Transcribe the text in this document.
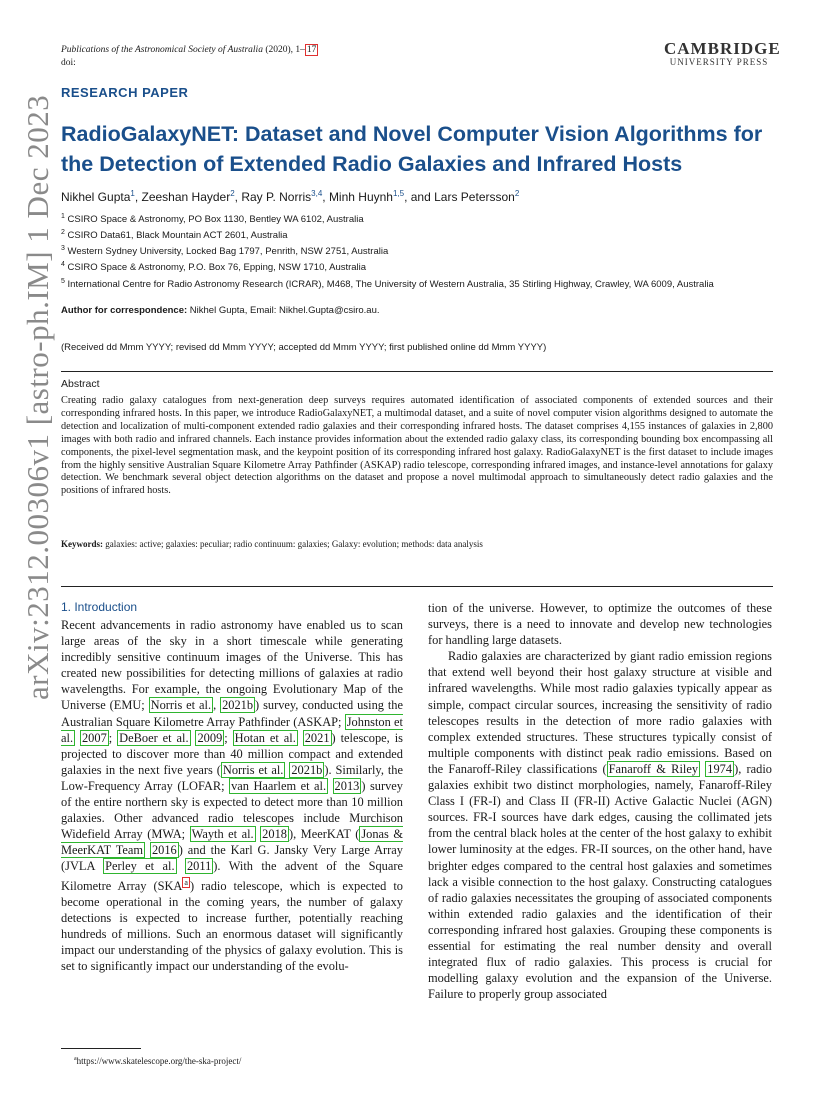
Publications of the Astronomical Society of Australia (2020), 1– 17
doi:
CAMBRIDGE
UNIVERSITY PRESS
RESEARCH PAPER
RadioGalaxyNET: Dataset and Novel Computer Vision Algorithms for the Detection of Extended Radio Galaxies and Infrared Hosts
Nikhel Gupta$^1$, Zeeshan Hayder$^2$, Ray P. Norris$^{3,4}$, Minh Huynh$^{1,5}$, and Lars Petersson$^2$
$^1$ CSIRO Space & Astronomy, PO Box 1130, Bentley WA 6102, Australia
$^2$ CSIRO Data61, Black Mountain ACT 2601, Australia
$^3$ Western Sydney University, Locked Bag 1797, Penrith, NSW 2751, Australia
$^4$ CSIRO Space & Astronomy, P.O. Box 76, Epping, NSW 1710, Australia
$^5$ International Centre for Radio Astronomy Research (ICRAR), M468, The University of Western Australia, 35 Stirling Highway, Crawley, WA 6009, Australia
Author for correspondence: Nikhel Gupta, Email: Nikhel.Gupta@csiro.au.
(Received dd Mmm YYYY; revised dd Mmm YYYY; accepted dd Mmm YYYY; first published online dd Mmm YYYY)
Abstract
Creating radio galaxy catalogues from next-generation deep surveys requires automated identification of associated components of extended sources and their corresponding infrared hosts. In this paper, we introduce RadioGalaxyNET, a multimodal dataset, and a suite of novel computer vision algorithms designed to automate the detection and localization of multi-component extended radio galaxies and their corresponding infrared hosts. The dataset comprises 4,155 instances of galaxies in 2,800 images with both radio and infrared channels. Each instance provides information about the extended radio galaxy class, its corresponding bounding box encompassing all components, the pixel-level segmentation mask, and the keypoint position of its corresponding infrared host galaxy. RadioGalaxyNET is the first dataset to include images from the highly sensitive Australian Square Kilometre Array Pathfinder (ASKAP) radio telescope, corresponding infrared images, and instance-level annotations for galaxy detection. We benchmark several object detection algorithms on the dataset and propose a novel multimodal approach to simultaneously detect radio galaxies and the positions of infrared hosts.
Keywords: galaxies: active; galaxies: peculiar; radio continuum: galaxies; Galaxy: evolution; methods: data analysis
1. Introduction

Recent advancements in radio astronomy have enabled us to scan large areas of the sky in a short timescale while generating incredibly sensitive continuum images of the Universe. This has created new possibilities for detecting millions of galaxies at radio wavelengths. For example, the ongoing Evolutionary Map of the Universe (EMU; Norris et al. , 2021b ) survey, conducted using the Australian Square Kilometre Array Pathfinder (ASKAP; Johnston et al. 2007 ; DeBoer et al. 2009 ; Hotan et al. 2021 ) telescope, is projected to discover more than 40 million compact and extended galaxies in the next five years ( Norris et al. 2021b ). Similarly, the Low-Frequency Array (LOFAR; van Haarlem et al. 2013 ) survey of the entire northern sky is expected to detect more than 10 million galaxies. Other advanced radio telescopes include Murchison Widefield Array (MWA; Wayth et al. 2018 ), MeerKAT ( Jonas & MeerKAT Team 2016 ) and the Karl G. Jansky Very Large Array (JVLA Perley et al. 2011 ). With the advent of the Square Kilometre Array (SKA $^a$ ) radio telescope, which is expected to become operational in the coming years, the number of galaxy detections is expected to increase further, potentially reaching hundreds of millions. Such an enormous dataset will significantly impact our understanding of the physics of galaxy evolution. This is set to significantly impact our understanding of the evolu-

tion of the universe. However, to optimize the outcomes of these surveys, there is a need to innovate and develop new technologies for handling large datasets.

Radio galaxies are characterized by giant radio emission regions that extend well beyond their host galaxy structure at visible and infrared wavelengths. While most radio galaxies typically appear as simple, compact circular sources, increasing the sensitivity of radio telescopes results in the detection of more radio galaxies with complex extended structures. These structures typically consist of multiple components with distinct peak radio emissions. Based on the Fanaroff-Riley classifications ( Fanaroff & Riley 1974 ), radio galaxies exhibit two distinct morphologies, namely, Fanaroff-Riley Class I (FR-I) and Class II (FR-II) Active Galactic Nuclei (AGN) sources. FR-I sources have dark edges, causing the collimated jets from the central black holes at the center of the host galaxy to exhibit lower luminosity at the edges. FR-II sources, on the other hand, have brighter edges compared to the central host galaxies and sometimes lack a visible connection to the host galaxy. Constructing catalogues of radio galaxies necessitates the grouping of associated components within extended radio galaxies and the identification of their corresponding infrared host galaxies. Grouping these components is essential for estimating the real number density and overall integrated flux of radio galaxies. This process is crucial for modelling galaxy evolution and the expansion of the Universe. Failure to properly group associated

$^a$https://www.skatelescope.org/the-ska-project/
arXiv:2312.00306v1 [astro-ph.IM] 1 Dec 2023
